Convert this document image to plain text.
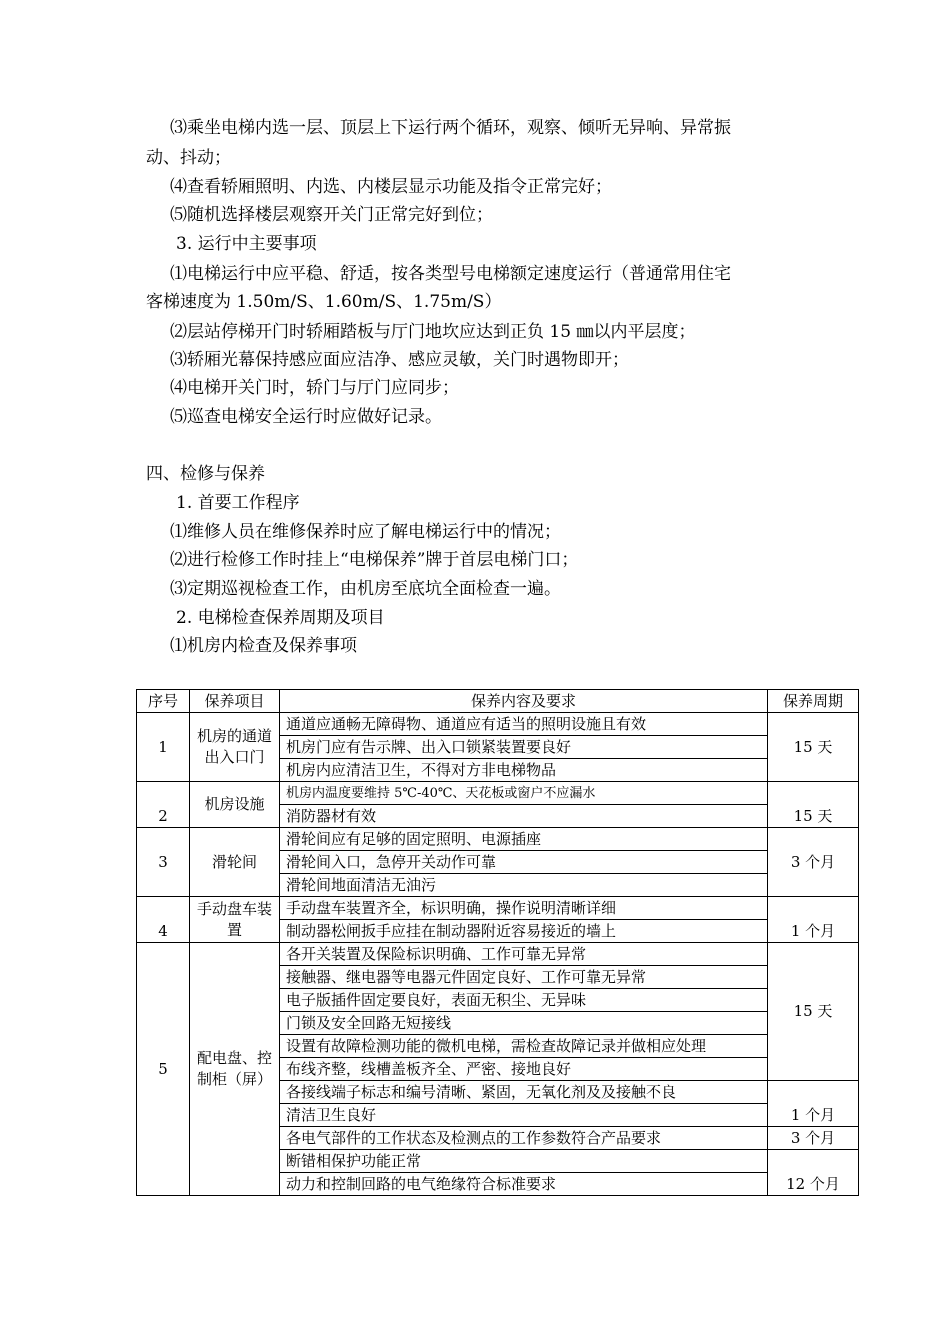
⑶乘坐电梯内选一层、顶层上下运行两个循环，观察、倾听无异响、异常振
动、抖动；
⑷查看轿厢照明、内选、内楼层显示功能及指令正常完好；
⑸随机选择楼层观察开关门正常完好到位；
3. 运行中主要事项
⑴电梯运行中应平稳、舒适，按各类型号电梯额定速度运行（普通常用住宅
客梯速度为 1.50m/S、1.60m/S、1.75m/S）
⑵层站停梯开门时轿厢踏板与厅门地坎应达到正负 15 ㎜以内平层度；
⑶轿厢光幕保持感应面应洁净、感应灵敏，关门时遇物即开；
⑷电梯开关门时，轿门与厅门应同步；
⑸巡查电梯安全运行时应做好记录。
四、检修与保养
1. 首要工作程序
⑴维修人员在维修保养时应了解电梯运行中的情况；
⑵进行检修工作时挂上“电梯保养”牌于首层电梯门口；
⑶定期巡视检查工作，由机房至底坑全面检查一遍。
2. 电梯检查保养周期及项目
⑴机房内检查及保养事项
序号	保养项目	保养内容及要求	保养周期
1	机房的通道出入口门	通道应通畅无障碍物、通道应有适当的照明设施且有效	15 天
		机房门应有告示牌、出入口锁紧装置要良好	
		机房内应清洁卫生，不得对方非电梯物品	
2	机房设施	机房内温度要维持 5℃-40℃、天花板或窗户不应漏水	15 天
		消防器材有效	
3	滑轮间	滑轮间应有足够的固定照明、电源插座	3 个月
		滑轮间入口，急停开关动作可靠	
		滑轮间地面清洁无油污	
4	手动盘车装置	手动盘车装置齐全，标识明确，操作说明清晰详细	1 个月
		制动器松闸扳手应挂在制动器附近容易接近的墙上	
5	配电盘、控制柜（屏）	各开关装置及保险标识明确、工作可靠无异常	15 天
		接触器、继电器等电器元件固定良好、工作可靠无异常	
		电子版插件固定要良好，表面无积尘、无异味	
		门锁及安全回路无短接线	
		设置有故障检测功能的微机电梯，需检查故障记录并做相应处理	
		布线齐整，线槽盖板齐全、严密、接地良好	
		各接线端子标志和编号清晰、紧固，无氧化剂及及接触不良	1 个月
		清洁卫生良好	
		各电气部件的工作状态及检测点的工作参数符合产品要求	3 个月
		断错相保护功能正常	12 个月
		动力和控制回路的电气绝缘符合标准要求	
